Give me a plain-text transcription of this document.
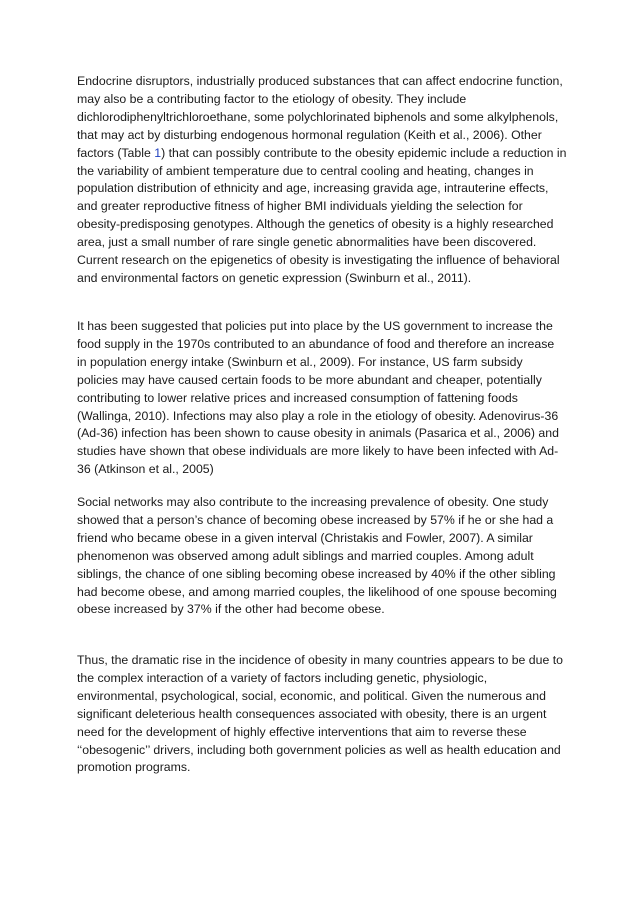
Endocrine disruptors, industrially produced substances that can affect endocrine function, may also be a contributing factor to the etiology of obesity. They include dichlorodiphenyltrichloroethane, some polychlorinated biphenols and some alkylphenols, that may act by disturbing endogenous hormonal regulation (Keith et al., 2006). Other factors (Table 1) that can possibly contribute to the obesity epidemic include a reduction in the variability of ambient temperature due to central cooling and heating, changes in population distribution of ethnicity and age, increasing gravida age, intrauterine effects, and greater reproductive fitness of higher BMI individuals yielding the selection for obesity-predisposing genotypes. Although the genetics of obesity is a highly researched area, just a small number of rare single genetic abnormalities have been discovered. Current research on the epigenetics of obesity is investigating the influence of behavioral and environmental factors on genetic expression (Swinburn et al., 2011).

It has been suggested that policies put into place by the US government to increase the food supply in the 1970s contributed to an abundance of food and therefore an increase in population energy intake (Swinburn et al., 2009). For instance, US farm subsidy policies may have caused certain foods to be more abundant and cheaper, potentially contributing to lower relative prices and increased consumption of fattening foods (Wallinga, 2010). Infections may also play a role in the etiology of obesity. Adenovirus-36 (Ad-36) infection has been shown to cause obesity in animals (Pasarica et al., 2006) and studies have shown that obese individuals are more likely to have been infected with Ad-36 (Atkinson et al., 2005)

Social networks may also contribute to the increasing prevalence of obesity. One study showed that a person’s chance of becoming obese increased by 57% if he or she had a friend who became obese in a given interval (Christakis and Fowler, 2007). A similar phenomenon was observed among adult siblings and married couples. Among adult siblings, the chance of one sibling becoming obese increased by 40% if the other sibling had become obese, and among married couples, the likelihood of one spouse becoming obese increased by 37% if the other had become obese.

Thus, the dramatic rise in the incidence of obesity in many countries appears to be due to the complex interaction of a variety of factors including genetic, physiologic, environmental, psychological, social, economic, and political. Given the numerous and significant deleterious health consequences associated with obesity, there is an urgent need for the development of highly effective interventions that aim to reverse these ‘‘obesogenic’’ drivers, including both government policies as well as health education and promotion programs.
